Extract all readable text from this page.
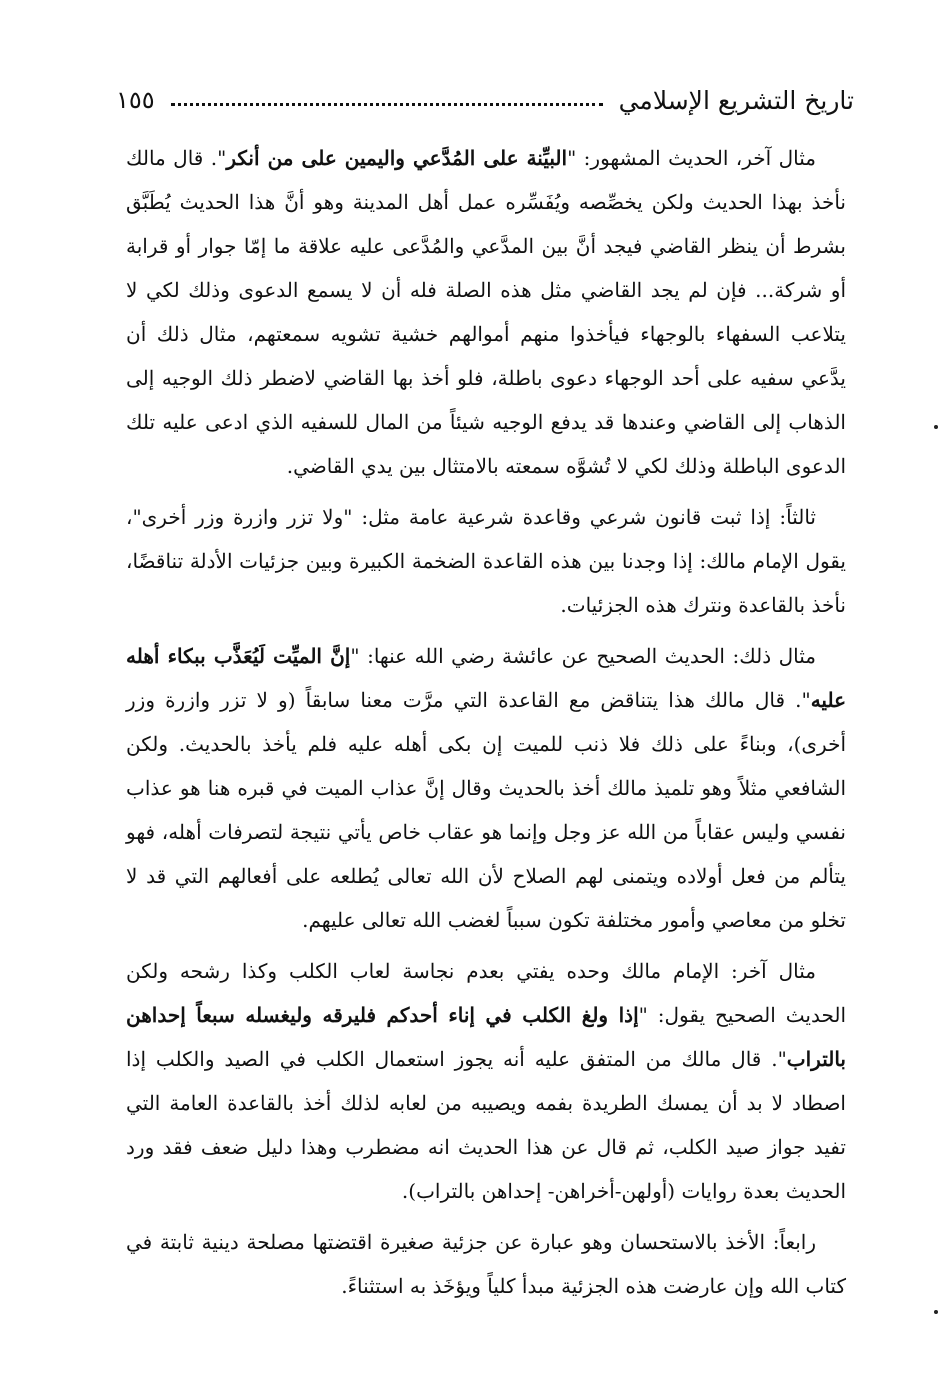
تاريخ التشريع الإسلامي
١٥٥

مثال آخر، الحديث المشهور: "البيِّنة على المُدَّعي واليمين على من أنكر". قال مالك نأخذ بهذا الحديث ولكن يخصِّصه ويُفَسِّره عمل أهل المدينة وهو أنَّ هذا الحديث يُطَبَّق بشرط أن ينظر القاضي فيجد أنَّ بين المدَّعي والمُدَّعى عليه علاقة ما إمّا جوار أو قرابة أو شركة... فإن لم يجد القاضي مثل هذه الصلة فله أن لا يسمع الدعوى وذلك لكي لا يتلاعب السفهاء بالوجهاء فيأخذوا منهم أموالهم خشية تشويه سمعتهم، مثال ذلك أن يدَّعي سفيه على أحد الوجهاء دعوى باطلة، فلو أخذ بها القاضي لاضطر ذلك الوجيه إلى الذهاب إلى القاضي وعندها قد يدفع الوجيه شيئاً من المال للسفيه الذي ادعى عليه تلك الدعوى الباطلة وذلك لكي لا تُشوَّه سمعته بالامتثال بين يدي القاضي.

ثالثاً: إذا ثبت قانون شرعي وقاعدة شرعية عامة مثل: "ولا تزر وازرة وزر أخرى"، يقول الإمام مالك: إذا وجدنا بين هذه القاعدة الضخمة الكبيرة وبين جزئيات الأدلة تناقضًا، نأخذ بالقاعدة ونترك هذه الجزئيات.

مثال ذلك: الحديث الصحيح عن عائشة رضي الله عنها: "إنَّ الميِّت لَيُعَذَّب ببكاء أهله عليه". قال مالك هذا يتناقض مع القاعدة التي مرَّت معنا سابقاً (و لا تزر وازرة وزر أخرى)، وبناءً على ذلك فلا ذنب للميت إن بكى أهله عليه فلم يأخذ بالحديث. ولكن الشافعي مثلاً وهو تلميذ مالك أخذ بالحديث وقال إنَّ عذاب الميت في قبره هنا هو عذاب نفسي وليس عقاباً من الله عز وجل وإنما هو عقاب خاص يأتي نتيجة لتصرفات أهله، فهو يتألم من فعل أولاده ويتمنى لهم الصلاح لأن الله تعالى يُطلعه على أفعالهم التي قد لا تخلو من معاصي وأمور مختلفة تكون سبباً لغضب الله تعالى عليهم.

مثال آخر: الإمام مالك وحده يفتي بعدم نجاسة لعاب الكلب وكذا رشحه ولكن الحديث الصحيح يقول: "إذا ولغ الكلب في إناء أحدكم فليرقه وليغسله سبعاً إحداهن بالتراب". قال مالك من المتفق عليه أنه يجوز استعمال الكلب في الصيد والكلب إذا اصطاد لا بد أن يمسك الطريدة بفمه ويصيبه من لعابه لذلك أخذ بالقاعدة العامة التي تفيد جواز صيد الكلب، ثم قال عن هذا الحديث انه مضطرب وهذا دليل ضعف فقد ورد الحديث بعدة روايات (أولهن-أخراهن- إحداهن بالتراب).

رابعاً: الأخذ بالاستحسان وهو عبارة عن جزئية صغيرة اقتضتها مصلحة دينية ثابتة في كتاب الله وإن عارضت هذه الجزئية مبدأ كلياً ويؤخَذ به استثناءً.
